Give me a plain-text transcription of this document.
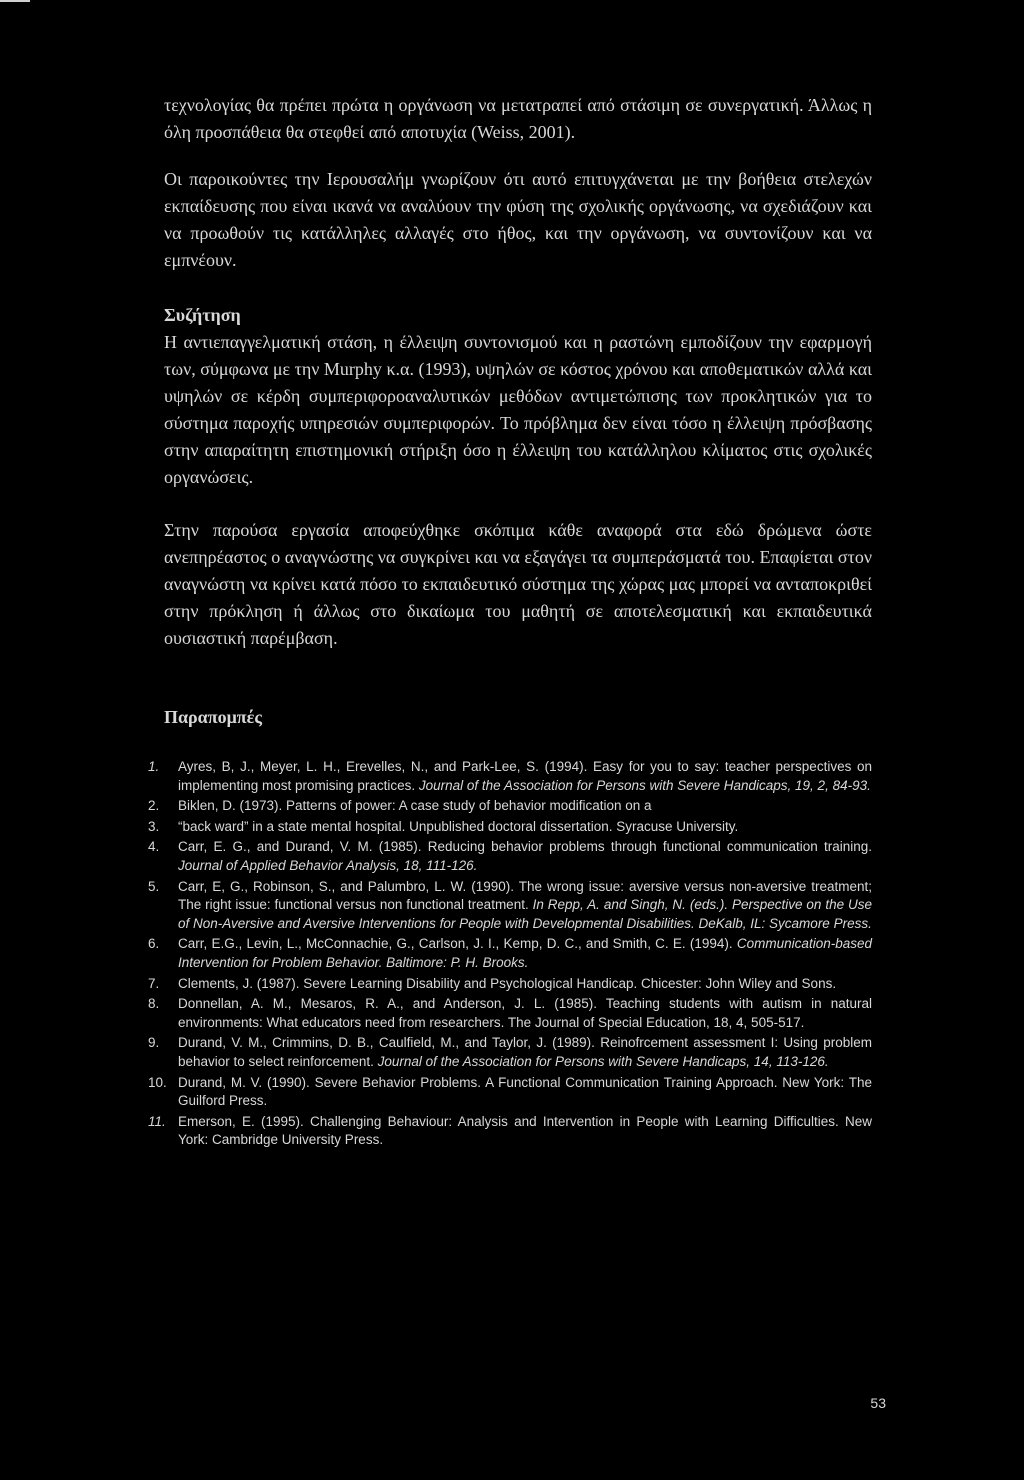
τεχνολογίας θα πρέπει πρώτα η οργάνωση να μετατραπεί από στάσιμη σε συνεργατική. Άλλως η όλη προσπάθεια θα στεφθεί από αποτυχία (Weiss, 2001).

Οι παροικούντες την Ιερουσαλήμ γνωρίζουν ότι αυτό επιτυγχάνεται με την βοήθεια στελεχών εκπαίδευσης που είναι ικανά να αναλύουν την φύση της σχολικής οργάνωσης, να σχεδιάζουν και να προωθούν τις κατάλληλες αλλαγές στο ήθος, και την οργάνωση, να συντονίζουν και να εμπνέουν.

Συζήτηση

Η αντιεπαγγελματική στάση, η έλλειψη συντονισμού και η ραστώνη εμποδίζουν την εφαρμογή των, σύμφωνα με την Murphy κ.α. (1993), υψηλών σε κόστος χρόνου και αποθεματικών αλλά και υψηλών σε κέρδη συμπεριφοροαναλυτικών μεθόδων αντιμετώπισης των προκλητικών για το σύστημα παροχής υπηρεσιών συμπεριφορών. Το πρόβλημα δεν είναι τόσο η έλλειψη πρόσβασης στην απαραίτητη επιστημονική στήριξη όσο η έλλειψη του κατάλληλου κλίματος στις σχολικές οργανώσεις.

Στην παρούσα εργασία αποφεύχθηκε σκόπιμα κάθε αναφορά στα εδώ δρώμενα ώστε ανεπηρέαστος ο αναγνώστης να συγκρίνει και να εξαγάγει τα συμπεράσματά του. Επαφίεται στον αναγνώστη να κρίνει κατά πόσο το εκπαιδευτικό σύστημα της χώρας μας μπορεί να ανταποκριθεί στην πρόκληση ή άλλως στο δικαίωμα του μαθητή σε αποτελεσματική και εκπαιδευτικά ουσιαστική παρέμβαση.

Παραπομπές
1.	Ayres, B, J., Meyer, L. H., Erevelles, N., and Park-Lee, S. (1994). Easy for you to say: teacher perspectives on implementing most promising practices. Journal of the Association for Persons with Severe Handicaps, 19, 2, 84-93.
2.	Biklen, D. (1973). Patterns of power: A case study of behavior modification on a
3.	“back ward” in a state mental hospital. Unpublished doctoral dissertation. Syracuse University.
4.	Carr, E. G., and Durand, V. M. (1985). Reducing behavior problems through functional communication training. Journal of Applied Behavior Analysis, 18, 111-126.
5.	Carr, E, G., Robinson, S., and Palumbro, L. W. (1990). The wrong issue: aversive versus non-aversive treatment; The right issue: functional versus non functional treatment. In Repp, A. and Singh, N. (eds.). Perspective on the Use of Non-Aversive and Aversive Interventions for People with Developmental Disabilities. DeKalb, IL: Sycamore Press.
6.	Carr, E.G., Levin, L., McConnachie, G., Carlson, J. I., Kemp, D. C., and Smith, C. E. (1994). Communication-based Intervention for Problem Behavior. Baltimore: P. H. Brooks.
7.	Clements, J. (1987). Severe Learning Disability and Psychological Handicap. Chicester: John Wiley and Sons.
8.	Donnellan, A. M., Mesaros, R. A., and Anderson, J. L. (1985). Teaching students with autism in natural environments: What educators need from researchers. The Journal of Special Education, 18, 4, 505-517.
9.	Durand, V. M., Crimmins, D. B., Caulfield, M., and Taylor, J. (1989). Reinofrcement assessment I: Using problem behavior to select reinforcement. Journal of the Association for Persons with Severe Handicaps, 14, 113-126.
10. Durand, M. V. (1990). Severe Behavior Problems. A Functional Communication Training Approach. New York: The Guilford Press.
11. Emerson, E. (1995). Challenging Behaviour: Analysis and Intervention in People with Learning Difficulties. New York: Cambridge University Press.
53
